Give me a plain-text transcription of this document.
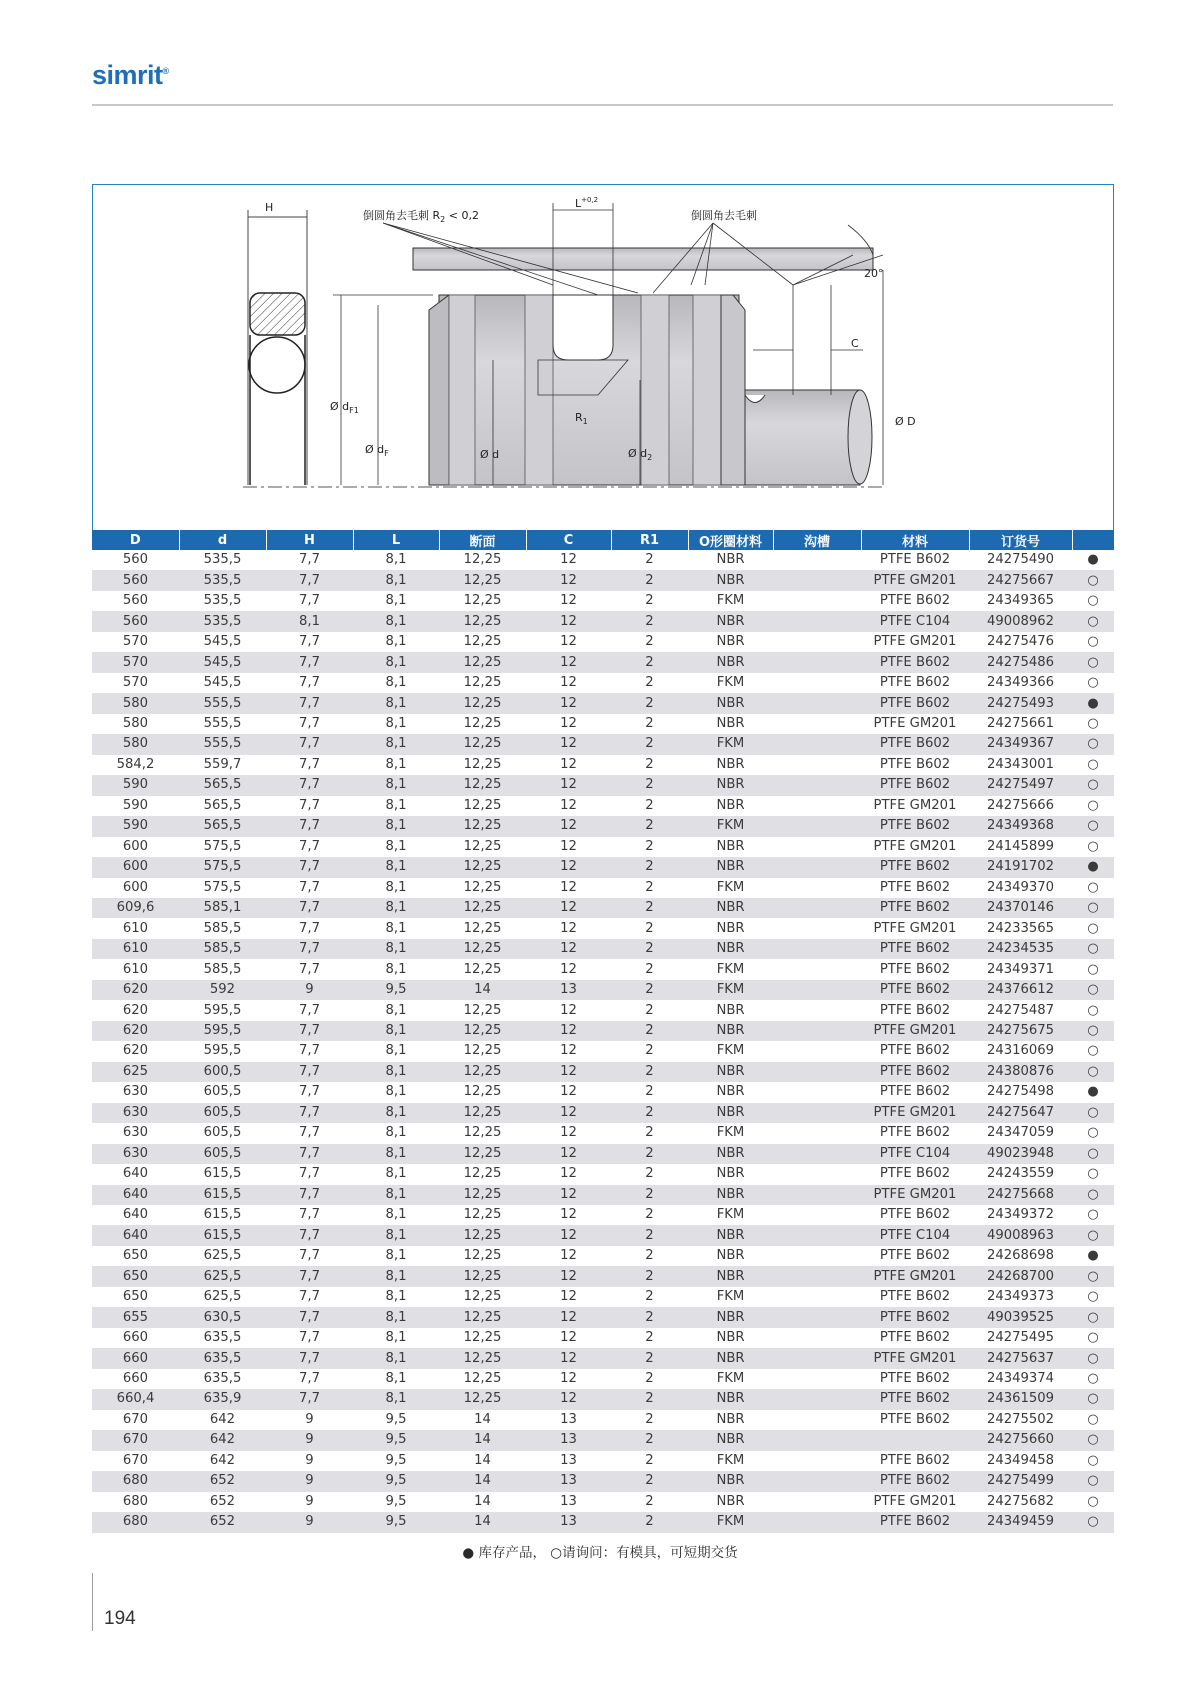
simrit®
H
倒圆角去毛刺 $R_2 < 0,2$	倒圆角去毛刺
$L^{+0,2}$
20°
C
Ø $d_{F1}$
Ø $d_F$	Ø d	Ø $d_2$
$R_1$	Ø D
D	d	H	L	断面	C	R1	O形圈材料	沟槽	材料	订货号	
560	535,5	7,7	8,1	12,25	12	2	NBR		PTFE B602	24275490	●
560	535,5	7,7	8,1	12,25	12	2	NBR		PTFE GM201	24275667	○
560	535,5	7,7	8,1	12,25	12	2	FKM		PTFE B602	24349365	○
560	535,5	8,1	8,1	12,25	12	2	NBR		PTFE C104	49008962	○
570	545,5	7,7	8,1	12,25	12	2	NBR		PTFE GM201	24275476	○
570	545,5	7,7	8,1	12,25	12	2	NBR		PTFE B602	24275486	○
570	545,5	7,7	8,1	12,25	12	2	FKM		PTFE B602	24349366	○
580	555,5	7,7	8,1	12,25	12	2	NBR		PTFE B602	24275493	●
580	555,5	7,7	8,1	12,25	12	2	NBR		PTFE GM201	24275661	○
580	555,5	7,7	8,1	12,25	12	2	FKM		PTFE B602	24349367	○
584,2	559,7	7,7	8,1	12,25	12	2	NBR		PTFE B602	24343001	○
590	565,5	7,7	8,1	12,25	12	2	NBR		PTFE B602	24275497	○
590	565,5	7,7	8,1	12,25	12	2	NBR		PTFE GM201	24275666	○
590	565,5	7,7	8,1	12,25	12	2	FKM		PTFE B602	24349368	○
600	575,5	7,7	8,1	12,25	12	2	NBR		PTFE GM201	24145899	○
600	575,5	7,7	8,1	12,25	12	2	NBR		PTFE B602	24191702	●
600	575,5	7,7	8,1	12,25	12	2	FKM		PTFE B602	24349370	○
609,6	585,1	7,7	8,1	12,25	12	2	NBR		PTFE B602	24370146	○
610	585,5	7,7	8,1	12,25	12	2	NBR		PTFE GM201	24233565	○
610	585,5	7,7	8,1	12,25	12	2	NBR		PTFE B602	24234535	○
610	585,5	7,7	8,1	12,25	12	2	FKM		PTFE B602	24349371	○
620	592	9	9,5	14	13	2	FKM		PTFE B602	24376612	○
620	595,5	7,7	8,1	12,25	12	2	NBR		PTFE B602	24275487	○
620	595,5	7,7	8,1	12,25	12	2	NBR		PTFE GM201	24275675	○
620	595,5	7,7	8,1	12,25	12	2	FKM		PTFE B602	24316069	○
625	600,5	7,7	8,1	12,25	12	2	NBR		PTFE B602	24380876	○
630	605,5	7,7	8,1	12,25	12	2	NBR		PTFE B602	24275498	●
630	605,5	7,7	8,1	12,25	12	2	NBR		PTFE GM201	24275647	○
630	605,5	7,7	8,1	12,25	12	2	FKM		PTFE B602	24347059	○
630	605,5	7,7	8,1	12,25	12	2	NBR		PTFE C104	49023948	○
640	615,5	7,7	8,1	12,25	12	2	NBR		PTFE B602	24243559	○
640	615,5	7,7	8,1	12,25	12	2	NBR		PTFE GM201	24275668	○
640	615,5	7,7	8,1	12,25	12	2	FKM		PTFE B602	24349372	○
640	615,5	7,7	8,1	12,25	12	2	NBR		PTFE C104	49008963	○
650	625,5	7,7	8,1	12,25	12	2	NBR		PTFE B602	24268698	●
650	625,5	7,7	8,1	12,25	12	2	NBR		PTFE GM201	24268700	○
650	625,5	7,7	8,1	12,25	12	2	FKM		PTFE B602	24349373	○
655	630,5	7,7	8,1	12,25	12	2	NBR		PTFE B602	49039525	○
660	635,5	7,7	8,1	12,25	12	2	NBR		PTFE B602	24275495	○
660	635,5	7,7	8,1	12,25	12	2	NBR		PTFE GM201	24275637	○
660	635,5	7,7	8,1	12,25	12	2	FKM		PTFE B602	24349374	○
660,4	635,9	7,7	8,1	12,25	12	2	NBR		PTFE B602	24361509	○
670	642	9	9,5	14	13	2	NBR		PTFE B602	24275502	○
670	642	9	9,5	14	13	2	NBR			24275660	○
670	642	9	9,5	14	13	2	FKM		PTFE B602	24349458	○
680	652	9	9,5	14	13	2	NBR		PTFE B602	24275499	○
680	652	9	9,5	14	13	2	NBR		PTFE GM201	24275682	○
680	652	9	9,5	14	13	2	FKM		PTFE B602	24349459	○
● 库存产品， ○请询问：有模具，可短期交货
194
